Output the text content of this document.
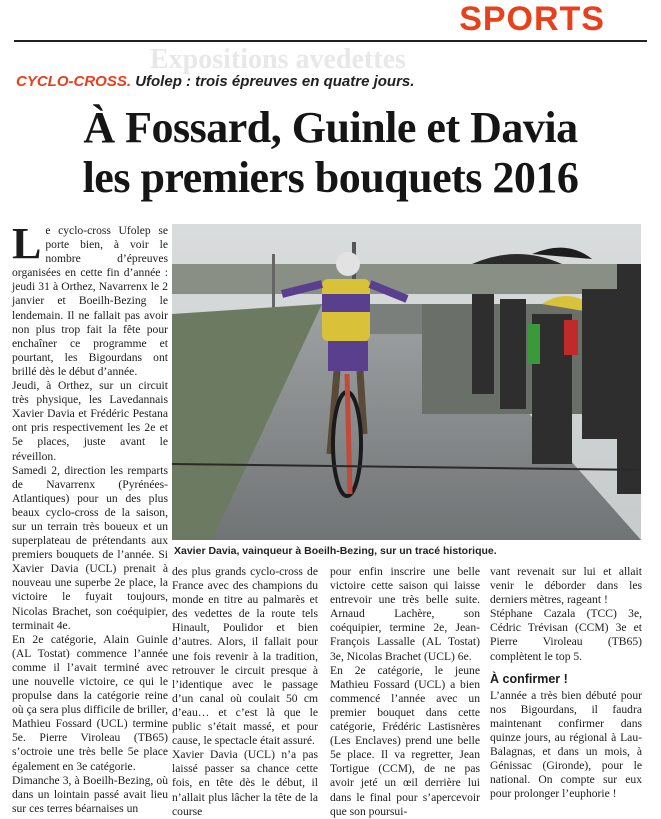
Expositions avedettes
SPORTS
CYCLO-CROSS. Ufolep : trois épreuves en quatre jours.
À Fossard, Guinle et Davia
les premiers bouquets 2016

Le cyclo-cross Ufolep se porte bien, à voir le nombre d’épreuves organisées en cette fin d’année : jeudi 31 à Orthez, Navarrenx le 2 janvier et Boeilh-Bezing le lendemain. Il ne fallait pas avoir non plus trop fait la fête pour enchaîner ce programme et pourtant, les Bigourdans ont brillé dès le début d’année.

Jeudi, à Orthez, sur un circuit très physique, les Lavedannais Xavier Davia et Frédéric Pestana ont pris respectivement les 2e et 5e places, juste avant le réveillon.

Samedi 2, direction les remparts de Navarrenx (Pyrénées-Atlantiques) pour un des plus beaux cyclo-cross de la saison, sur un terrain très boueux et un superplateau de prétendants aux premiers bouquets de l’année. Si Xavier Davia (UCL) prenait à nouveau une superbe 2e place, la victoire le fuyait toujours, Nicolas Brachet, son coéquipier, terminait 4e.

En 2e catégorie, Alain Guinle (AL Tostat) commence l’année comme il l’avait terminé avec une nouvelle victoire, ce qui le propulse dans la catégorie reine où ça sera plus difficile de briller, Mathieu Fossard (UCL) termine 5e. Pierre Viroleau (TB65) s’octroie une très belle 5e place également en 3e catégorie.

Dimanche 3, à Boeilh-Bezing, où dans un lointain passé avait lieu sur ces terres béarnaises un

Xavier Davia, vainqueur à Boeilh-Bezing, sur un tracé historique.

des plus grands cyclo-cross de France avec des champions du monde en titre au palmarès et des vedettes de la route tels Hinault, Poulidor et bien d’autres. Alors, il fallait pour une fois revenir à la tradition, retrouver le circuit presque à l’identique avec le passage d’un canal où coulait 50 cm d’eau… et c’est là que le public s’était massé, et pour cause, le spectacle était assuré.

Xavier Davia (UCL) n’a pas laissé passer sa chance cette fois, en tête dès le début, il n’allait plus lâcher la tête de la course

pour enfin inscrire une belle victoire cette saison qui laisse entrevoir une très belle suite. Arnaud Lachère, son coéquipier, termine 2e, Jean-François Lassalle (AL Tostat) 3e, Nicolas Brachet (UCL) 6e.

En 2e catégorie, le jeune Mathieu Fossard (UCL) a bien commencé l’année avec un premier bouquet dans cette catégorie, Frédéric Lastisnères (Les Enclaves) prend une belle 5e place. Il va regretter, Jean Tortigue (CCM), de ne pas avoir jeté un œil derrière lui dans le final pour s’apercevoir que son poursui-

vant revenait sur lui et allait venir le déborder dans les derniers mètres, rageant !

Stéphane Cazala (TCC) 3e, Cédric Trévisan (CCM) 3e et Pierre Viroleau (TB65) complètent le top 5.

À confirmer !

L’année a très bien débuté pour nos Bigourdans, il faudra maintenant confirmer dans quinze jours, au régional à Lau-Balagnas, et dans un mois, à Génissac (Gironde), pour le national. On compte sur eux pour prolonger l’euphorie !
